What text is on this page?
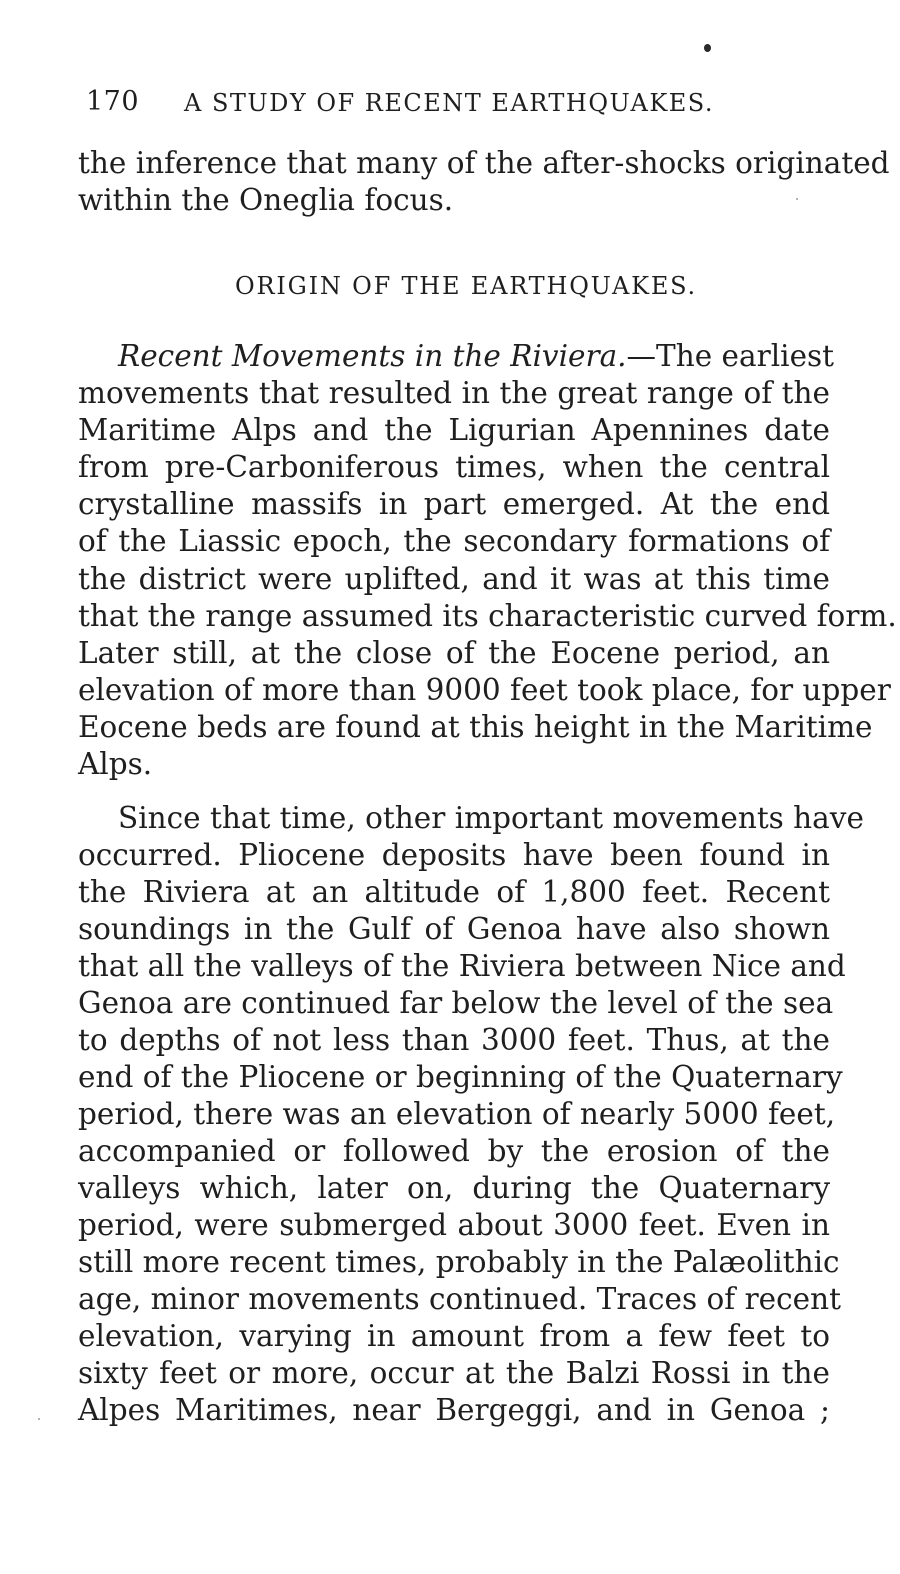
170 A STUDY OF RECENT EARTHQUAKES.
the inference that many of the after-shocks originated
within the Oneglia focus.
ORIGIN OF THE EARTHQUAKES.
Recent Movements in the Riviera.—The earliest
movements that resulted in the great range of the
Maritime Alps and the Ligurian Apennines date
from pre-Carboniferous times, when the central
crystalline massifs in part emerged. At the end
of the Liassic epoch, the secondary formations of
the district were uplifted, and it was at this time
that the range assumed its characteristic curved form.
Later still, at the close of the Eocene period, an
elevation of more than 9000 feet took place, for upper
Eocene beds are found at this height in the Maritime
Alps.
Since that time, other important movements have
occurred. Pliocene deposits have been found in
the Riviera at an altitude of 1,800 feet. Recent
soundings in the Gulf of Genoa have also shown
that all the valleys of the Riviera between Nice and
Genoa are continued far below the level of the sea
to depths of not less than 3000 feet. Thus, at the
end of the Pliocene or beginning of the Quaternary
period, there was an elevation of nearly 5000 feet,
accompanied or followed by the erosion of the
valleys which, later on, during the Quaternary
period, were submerged about 3000 feet. Even in
still more recent times, probably in the Palæolithic
age, minor movements continued. Traces of recent
elevation, varying in amount from a few feet to
sixty feet or more, occur at the Balzi Rossi in the
Alpes Maritimes, near Bergeggi, and in Genoa ;
